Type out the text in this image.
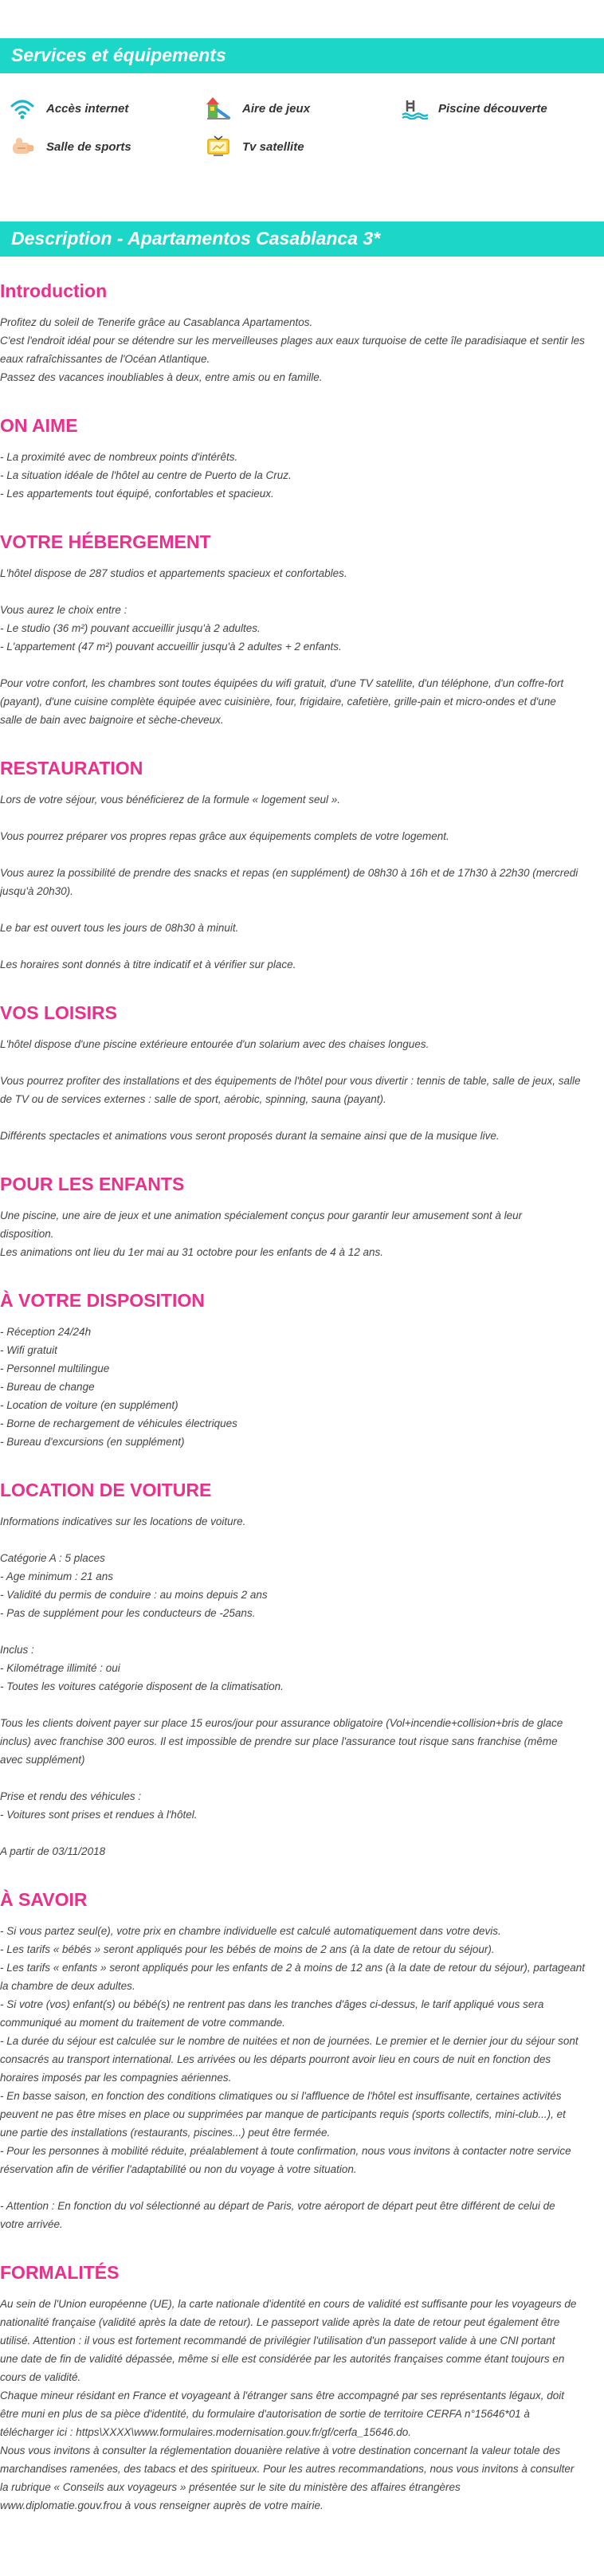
Services et équipements
Accès internet	Aire de jeux	Piscine découverte
Salle de sports	Tv satellite
Description - Apartamentos Casablanca 3*
Introduction

Profitez du soleil de Tenerife grâce au Casablanca Apartamentos.

C'est l'endroit idéal pour se détendre sur les merveilleuses plages aux eaux turquoise de cette île paradisiaque et sentir les

eaux rafraîchissantes de l'Océan Atlantique.

Passez des vacances inoubliables à deux, entre amis ou en famille.

ON AIME

- La proximité avec de nombreux points d'intérêts.

- La situation idéale de l'hôtel au centre de Puerto de la Cruz.

- Les appartements tout équipé, confortables et spacieux.

VOTRE HÉBERGEMENT

L'hôtel dispose de 287 studios et appartements spacieux et confortables.

Vous aurez le choix entre :

- Le studio (36 m²) pouvant accueillir jusqu'à 2 adultes.

- L'appartement (47 m²) pouvant accueillir jusqu'à 2 adultes + 2 enfants.

Pour votre confort, les chambres sont toutes équipées du wifi gratuit, d'une TV satellite, d'un téléphone, d'un coffre-fort

(payant), d'une cuisine complète équipée avec cuisinière, four, frigidaire, cafetière, grille-pain et micro-ondes et d'une

salle de bain avec baignoire et sèche-cheveux.

RESTAURATION

Lors de votre séjour, vous bénéficierez de la formule « logement seul ».

Vous pourrez préparer vos propres repas grâce aux équipements complets de votre logement.

Vous aurez la possibilité de prendre des snacks et repas (en supplément) de 08h30 à 16h et de 17h30 à 22h30 (mercredi

jusqu'à 20h30).

Le bar est ouvert tous les jours de 08h30 à minuit.

Les horaires sont donnés à titre indicatif et à vérifier sur place.

VOS LOISIRS

L'hôtel dispose d'une piscine extérieure entourée d'un solarium avec des chaises longues.

Vous pourrez profiter des installations et des équipements de l'hôtel pour vous divertir : tennis de table, salle de jeux, salle

de TV ou de services externes : salle de sport, aérobic, spinning, sauna (payant).

Différents spectacles et animations vous seront proposés durant la semaine ainsi que de la musique live.

POUR LES ENFANTS

Une piscine, une aire de jeux et une animation spécialement conçus pour garantir leur amusement sont à leur

disposition.

Les animations ont lieu du 1er mai au 31 octobre pour les enfants de 4 à 12 ans.

À VOTRE DISPOSITION

- Réception 24/24h

- Wifi gratuit

- Personnel multilingue

- Bureau de change

- Location de voiture (en supplément)

- Borne de rechargement de véhicules électriques

- Bureau d'excursions (en supplément)

LOCATION DE VOITURE

Informations indicatives sur les locations de voiture.

Catégorie A : 5 places

- Age minimum : 21 ans

- Validité du permis de conduire : au moins depuis 2 ans

- Pas de supplément pour les conducteurs de -25ans.

Inclus :

- Kilométrage illimité : oui

- Toutes les voitures catégorie disposent de la climatisation.

Tous les clients doivent payer sur place 15 euros/jour pour assurance obligatoire (Vol+incendie+collision+bris de glace

inclus) avec franchise 300 euros. Il est impossible de prendre sur place l'assurance tout risque sans franchise (même

avec supplément)

Prise et rendu des véhicules :

- Voitures sont prises et rendues à l'hôtel.

A partir de 03/11/2018

À SAVOIR

- Si vous partez seul(e), votre prix en chambre individuelle est calculé automatiquement dans votre devis.

- Les tarifs « bébés » seront appliqués pour les bébés de moins de 2 ans (à la date de retour du séjour).

- Les tarifs « enfants » seront appliqués pour les enfants de 2 à moins de 12 ans (à la date de retour du séjour), partageant

la chambre de deux adultes.

- Si votre (vos) enfant(s) ou bébé(s) ne rentrent pas dans les tranches d'âges ci-dessus, le tarif appliqué vous sera

communiqué au moment du traitement de votre commande.

- La durée du séjour est calculée sur le nombre de nuitées et non de journées. Le premier et le dernier jour du séjour sont

consacrés au transport international. Les arrivées ou les départs pourront avoir lieu en cours de nuit en fonction des

horaires imposés par les compagnies aériennes.

- En basse saison, en fonction des conditions climatiques ou si l'affluence de l'hôtel est insuffisante, certaines activités

peuvent ne pas être mises en place ou supprimées par manque de participants requis (sports collectifs, mini-club...), et

une partie des installations (restaurants, piscines...) peut être fermée.

- Pour les personnes à mobilité réduite, préalablement à toute confirmation, nous vous invitons à contacter notre service

réservation afin de vérifier l'adaptabilité ou non du voyage à votre situation.

- Attention : En fonction du vol sélectionné au départ de Paris, votre aéroport de départ peut être différent de celui de

votre arrivée.

FORMALITÉS

Au sein de l'Union européenne (UE), la carte nationale d'identité en cours de validité est suffisante pour les voyageurs de

nationalité française (validité après la date de retour). Le passeport valide après la date de retour peut également être

utilisé. Attention : il vous est fortement recommandé de privilégier l'utilisation d'un passeport valide à une CNI portant

une date de fin de validité dépassée, même si elle est considérée par les autorités françaises comme étant toujours en

cours de validité.

Chaque mineur résidant en France et voyageant à l'étranger sans être accompagné par ses représentants légaux, doit

être muni en plus de sa pièce d'identité, du formulaire d'autorisation de sortie de territoire CERFA n°15646*01 à

télécharger ici : https\XXXX\www.formulaires.modernisation.gouv.fr/gf/cerfa_15646.do.

Nous vous invitons à consulter la réglementation douanière relative à votre destination concernant la valeur totale des

marchandises ramenées, des tabacs et des spiritueux. Pour les autres recommandations, nous vous invitons à consulter

la rubrique « Conseils aux voyageurs » présentée sur le site du ministère des affaires étrangères

www.diplomatie.gouv.frou à vous renseigner auprès de votre mairie.
